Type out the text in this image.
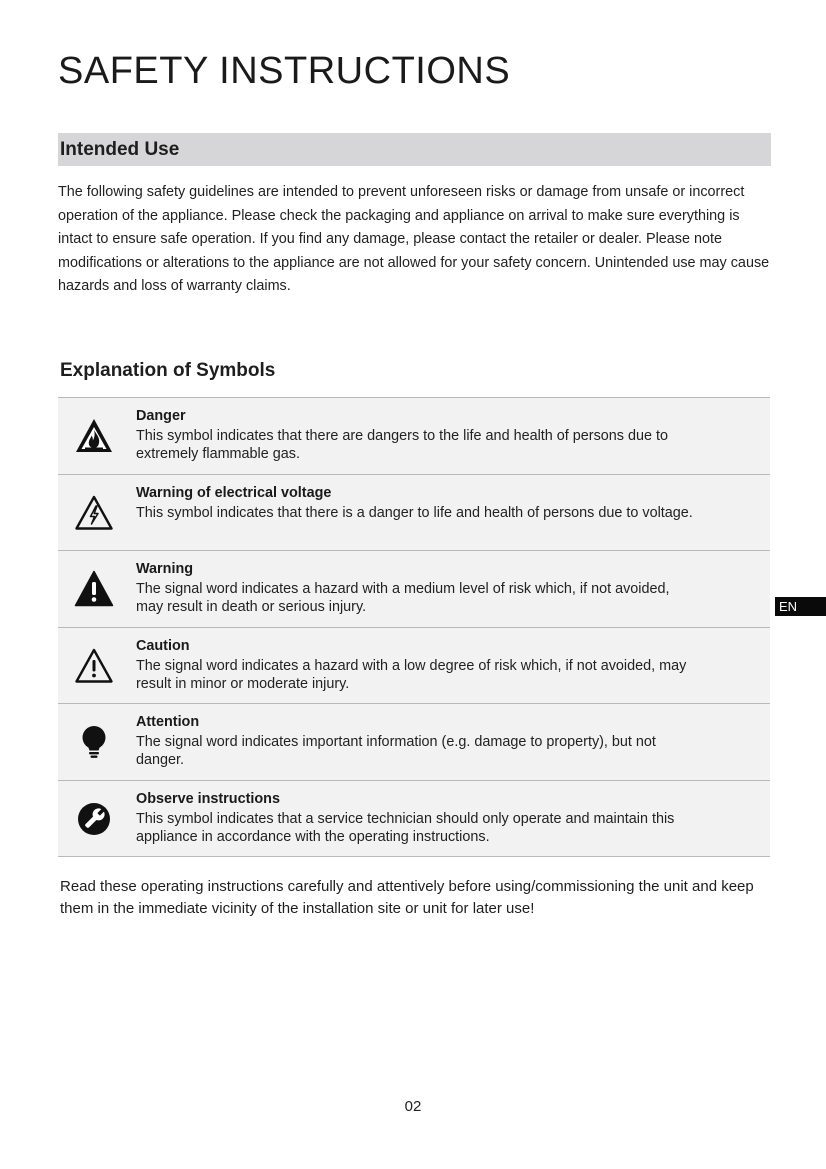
SAFETY INSTRUCTIONS
Intended Use
The following safety guidelines are intended to prevent unforeseen risks or damage from unsafe or incorrect operation of the appliance. Please check the packaging and appliance on arrival to make sure everything is intact to ensure safe operation. If you find any damage, please contact the retailer or dealer. Please note modifications or alterations to the appliance are not allowed for your safety concern. Unintended use may cause hazards and loss of warranty claims.
Explanation of Symbols
Danger
This symbol indicates that there are dangers to the life and health of persons due to extremely flammable gas.
Warning of electrical voltage
This symbol indicates that there is a danger to life and health of persons due to voltage.
Warning
The signal word indicates a hazard with a medium level of risk which, if not avoided, may result in death or serious injury.
Caution
The signal word indicates a hazard with a low degree of risk which, if not avoided, may result in minor or moderate injury.
Attention
The signal word indicates important information (e.g. damage to property), but not danger.
Observe instructions
This symbol indicates that a service technician should only operate and maintain this appliance in accordance with the operating instructions.
Read these operating instructions carefully and attentively before using/commissioning the unit and keep them in the immediate vicinity of the installation site or unit for later use!
EN
02
